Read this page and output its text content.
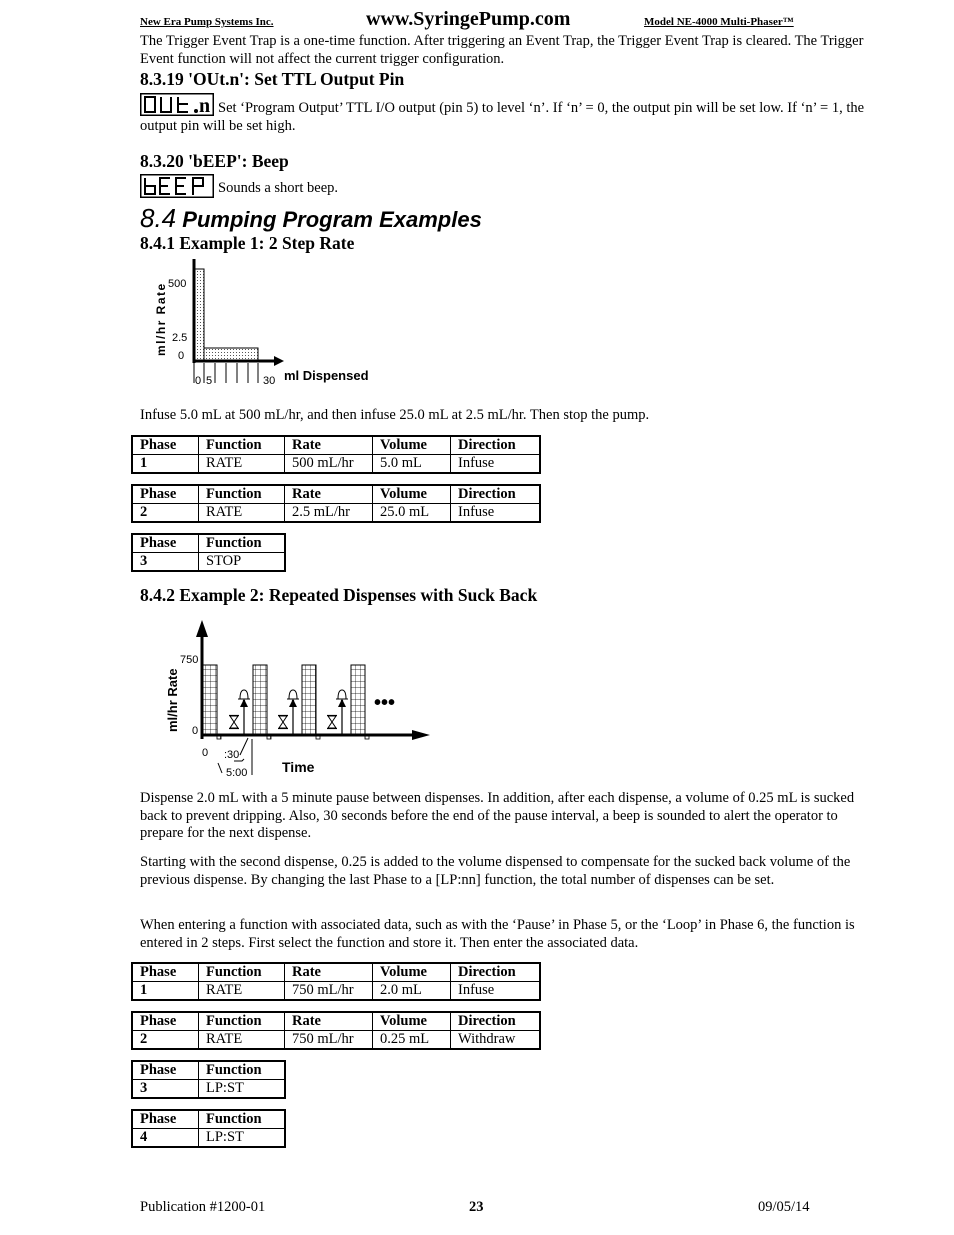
New Era Pump Systems Inc.	www.SyringePump.com	Model NE-4000 Multi-Phaser™
The Trigger Event Trap is a one-time function. After triggering an Event Trap, the Trigger Event Trap is cleared. The Trigger Event function will not affect the current trigger configuration.
8.3.19 'OUt.n': Set TTL Output Pin
n Set ‘Program Output’ TTL I/O output (pin 5) to level ‘n’. If ‘n’ = 0, the output pin will be set low. If ‘n’ = 1, the output pin will be set high.
8.3.20 'bEEP': Beep
Sounds a short beep.
8.4 Pumping Program Examples
8.4.1 Example 1: 2 Step Rate
500
2.5
0
0 5	30 ml Dispensed
ml/hr Rate
Infuse 5.0 mL at 500 mL/hr, and then infuse 25.0 mL at 2.5 mL/hr. Then stop the pump.
Phase	Function	Rate	Volume	Direction
1	RATE	500 mL/hr	5.0 mL	Infuse
Phase	Function	Rate	Volume	Direction
2	RATE	2.5 mL/hr	25.0 mL	Infuse
Phase	Function
3	STOP
8.4.2 Example 2: Repeated Dispenses with Suck Back
•••
750
0
0 :30
5:00 Time
ml/hr Rate
Dispense 2.0 mL with a 5 minute pause between dispenses. In addition, after each dispense, a volume of 0.25 mL is sucked back to prevent dripping. Also, 30 seconds before the end of the pause interval, a beep is sounded to alert the operator to prepare for the next dispense.
Starting with the second dispense, 0.25 is added to the volume dispensed to compensate for the sucked back volume of the previous dispense. By changing the last Phase to a [LP:nn] function, the total number of dispenses can be set.
When entering a function with associated data, such as with the ‘Pause’ in Phase 5, or the ‘Loop’ in Phase 6, the function is entered in 2 steps. First select the function and store it. Then enter the associated data.
Phase	Function	Rate	Volume	Direction
1	RATE	750 mL/hr	2.0 mL	Infuse
Phase	Function	Rate	Volume	Direction
2	RATE	750 mL/hr	0.25 mL	Withdraw
Phase	Function
3	LP:ST
Phase	Function
4	LP:ST
Publication #1200-01	23	09/05/14
